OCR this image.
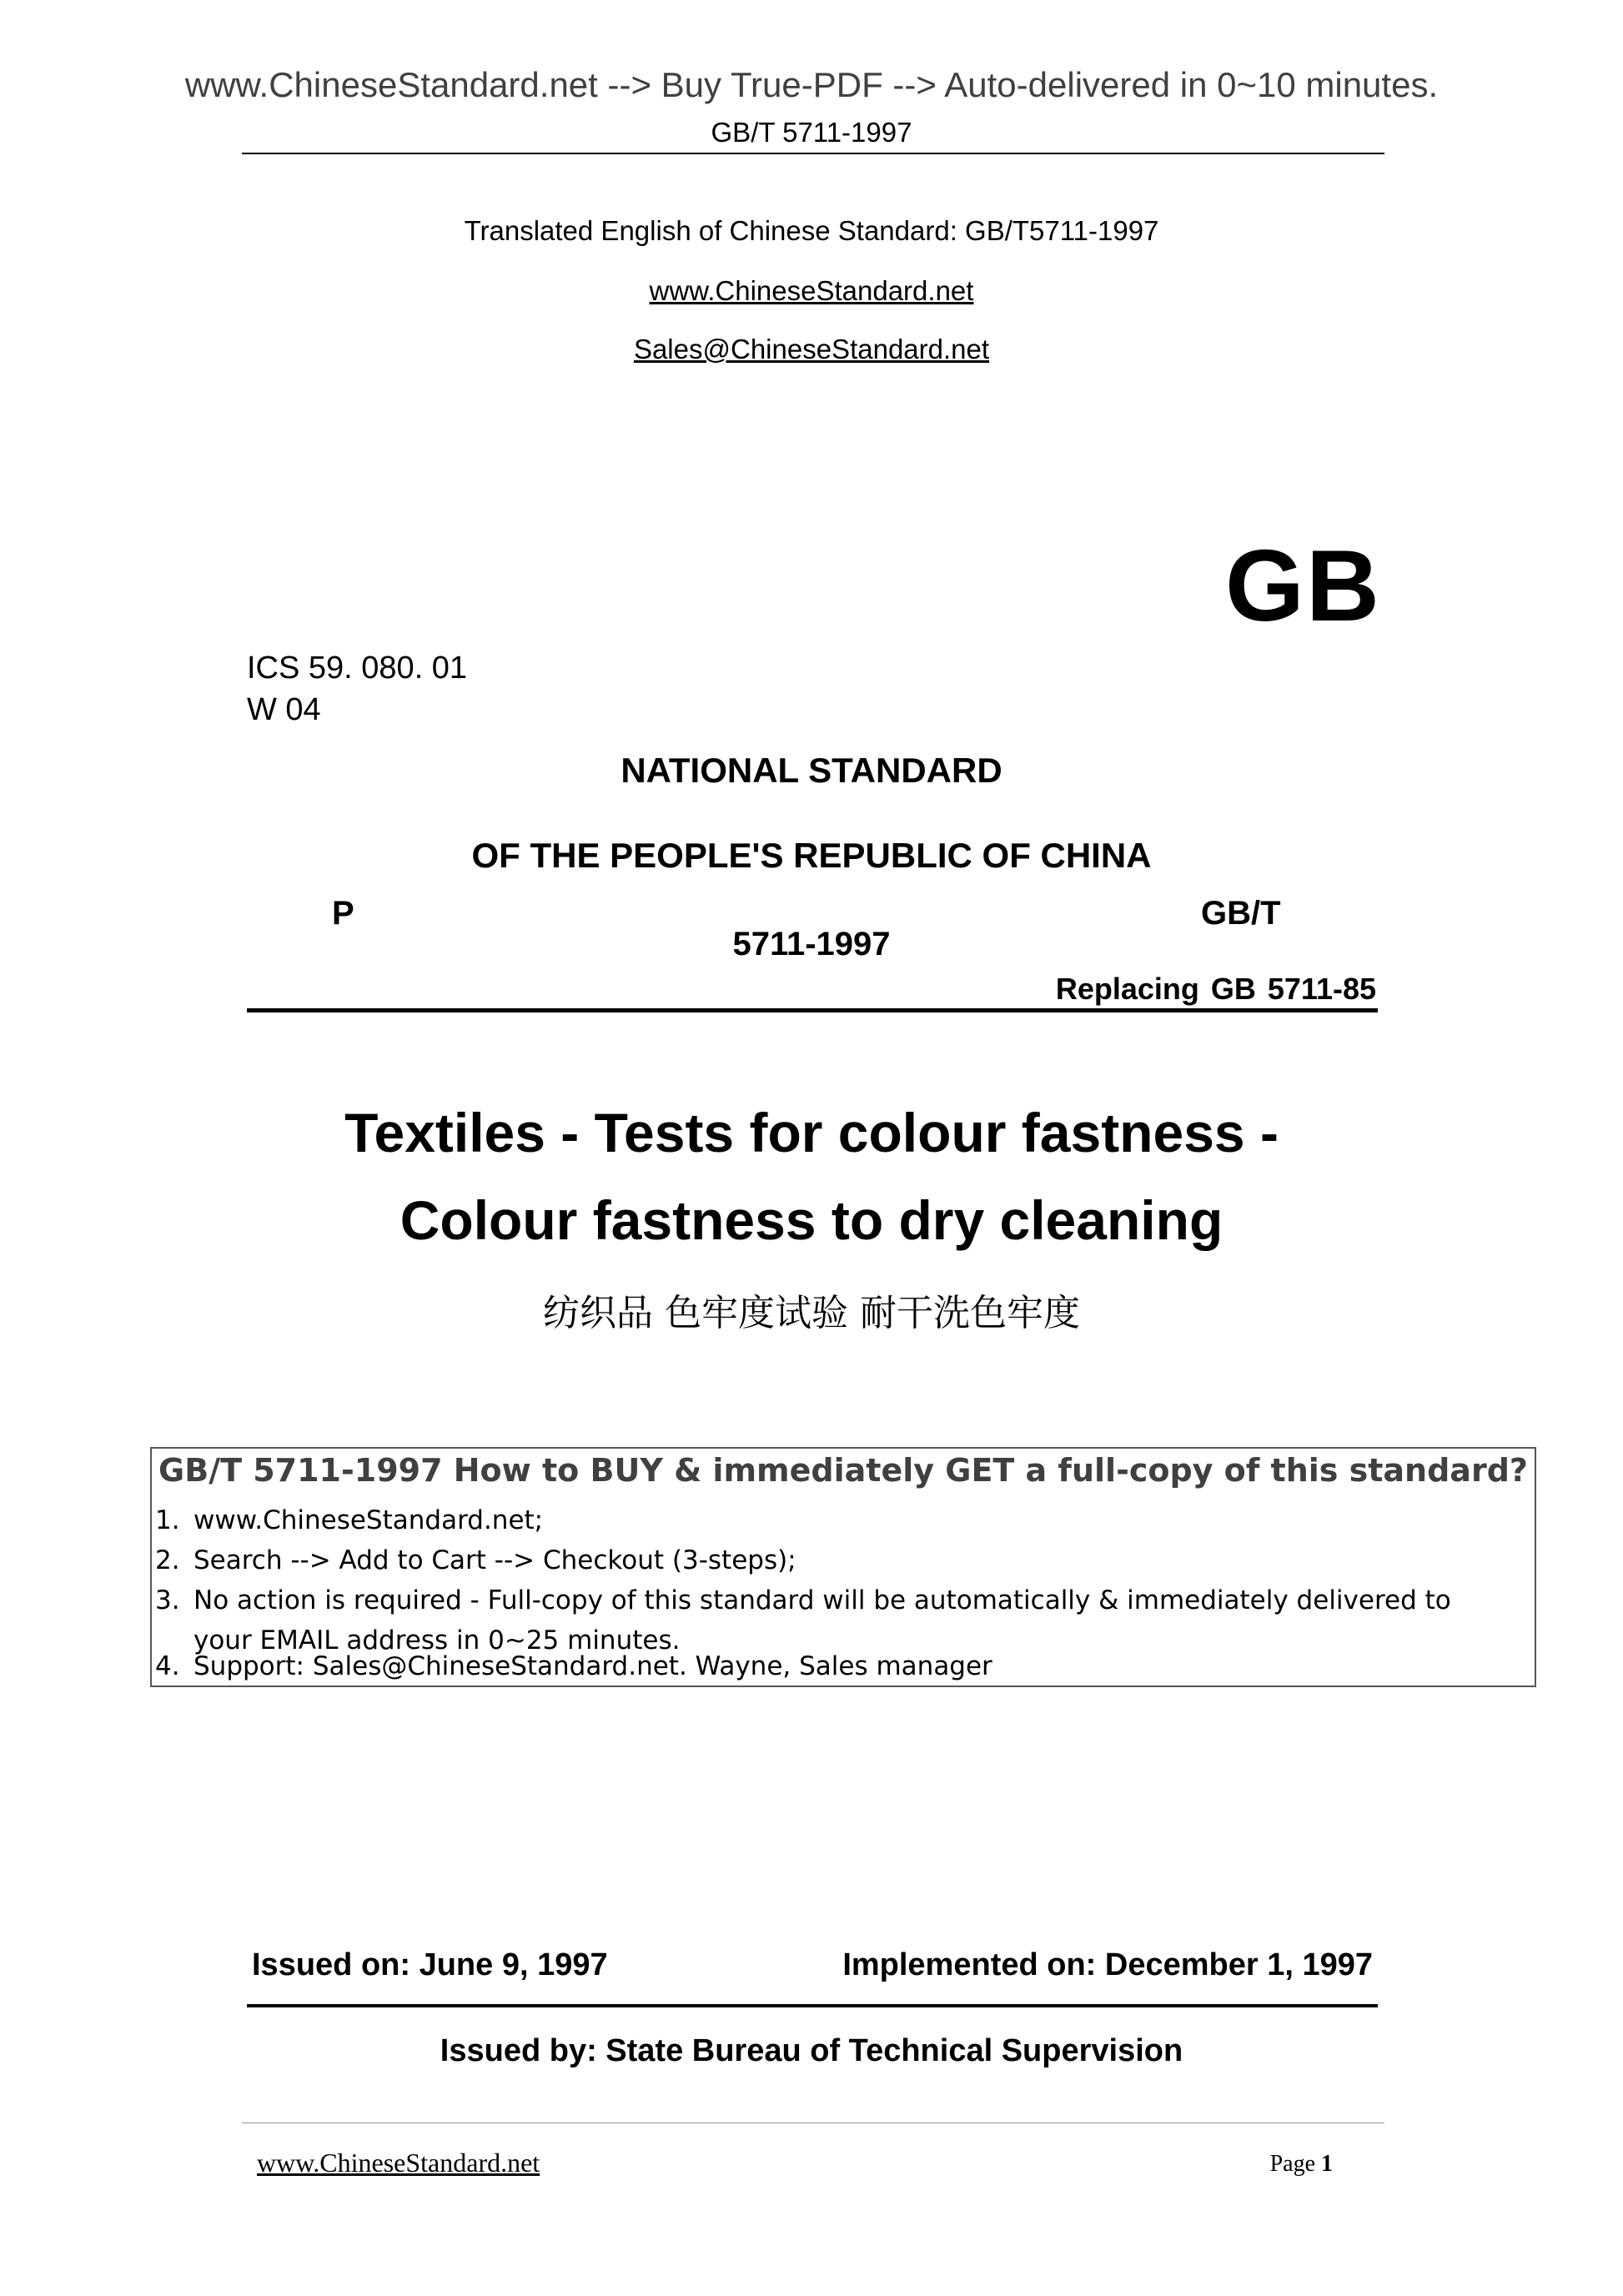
www.ChineseStandard.net --> Buy True-PDF --> Auto-delivered in 0~10 minutes.
GB/T 5711-1997
Translated English of Chinese Standard: GB/T5711-1997
www.ChineseStandard.net
Sales@ChineseStandard.net
GB
ICS 59. 080. 01
W 04
NATIONAL STANDARD
OF THE PEOPLE'S REPUBLIC OF CHINA
P	GB/T
5711-1997
Replacing GB 5711-85
Textiles - Tests for colour fastness -
Colour fastness to dry cleaning
纺织品 色牢度试验 耐干洗色牢度
GB/T 5711-1997 How to BUY & immediately GET a full-copy of this standard?
1. www.ChineseStandard.net;
2. Search --> Add to Cart --> Checkout (3-steps);
3. No action is required - Full-copy of this standard will be automatically & immediately delivered to
your EMAIL address in 0~25 minutes.
4. Support: Sales@ChineseStandard.net. Wayne, Sales manager
Issued on: June 9, 1997	Implemented on: December 1, 1997
Issued by: State Bureau of Technical Supervision
www.ChineseStandard.net	Page 1
